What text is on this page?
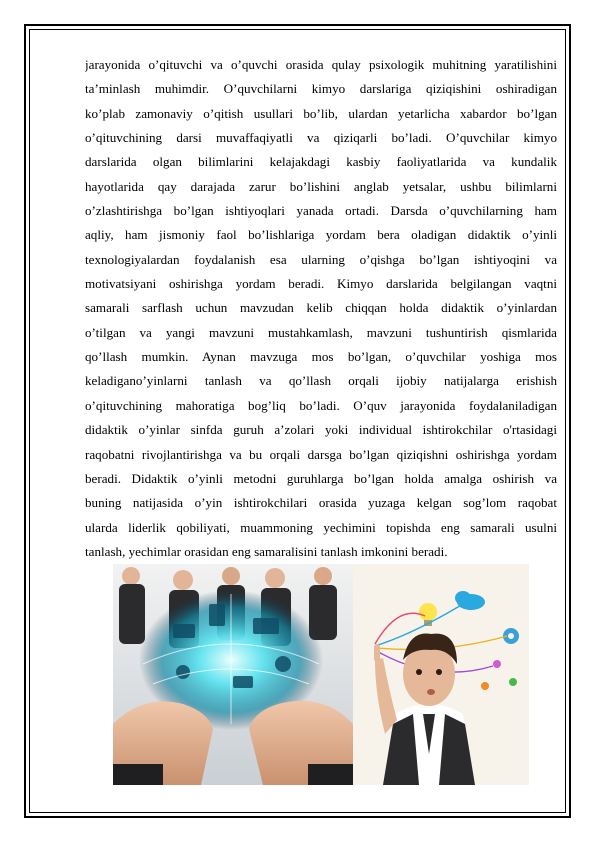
jarayonida o’qituvchi va o’quvchi orasida qulay psixologik muhitning yaratilishini
ta’minlash muhimdir. O’quvchilarni kimyo darslariga qiziqishini oshiradigan
ko’plab zamonaviy o’qitish usullari bo’lib, ulardan yetarlicha xabardor bo’lgan
o’qituvchining darsi muvaffaqiyatli va qiziqarli bo’ladi. O’quvchilar kimyo
darslarida olgan bilimlarini kelajakdagi kasbiy faoliyatlarida va kundalik
hayotlarida qay darajada zarur bo’lishini anglab yetsalar, ushbu bilimlarni
o’zlashtirishga bo’lgan ishtiyoqlari yanada ortadi. Darsda o’quvchilarning ham
aqliy, ham jismoniy faol bo’lishlariga yordam bera oladigan didaktik o’yinli
texnologiyalardan foydalanish esa ularning o’qishga bo’lgan ishtiyoqini va
motivatsiyani oshirishga yordam beradi. Kimyo darslarida belgilangan vaqtni
samarali sarflash uchun mavzudan kelib chiqqan holda didaktik o’yinlardan
o’tilgan va yangi mavzuni mustahkamlash, mavzuni tushuntirish qismlarida
qo’llash mumkin. Aynan mavzuga mos bo’lgan, o’quvchilar yoshiga mos
keladigano’yinlarni tanlash va qo’llash orqali ijobiy natijalarga erishish
o’qituvchining mahoratiga bog’liq bo’ladi. O’quv jarayonida foydalaniladigan
didaktik o’yinlar sinfda guruh a’zolari yoki individual ishtirokchilar o'rtasidagi
raqobatni rivojlantirishga va bu orqali darsga bo’lgan qiziqishni oshirishga yordam
beradi. Didaktik o’yinli metodni guruhlarga bo’lgan holda amalga oshirish va
buning natijasida o’yin ishtirokchilari orasida yuzaga kelgan sog’lom raqobat
ularda liderlik qobiliyati, muammoning yechimini topishda eng samarali usulni
tanlash, yechimlar orasidan eng samaralisini tanlash imkonini beradi.
